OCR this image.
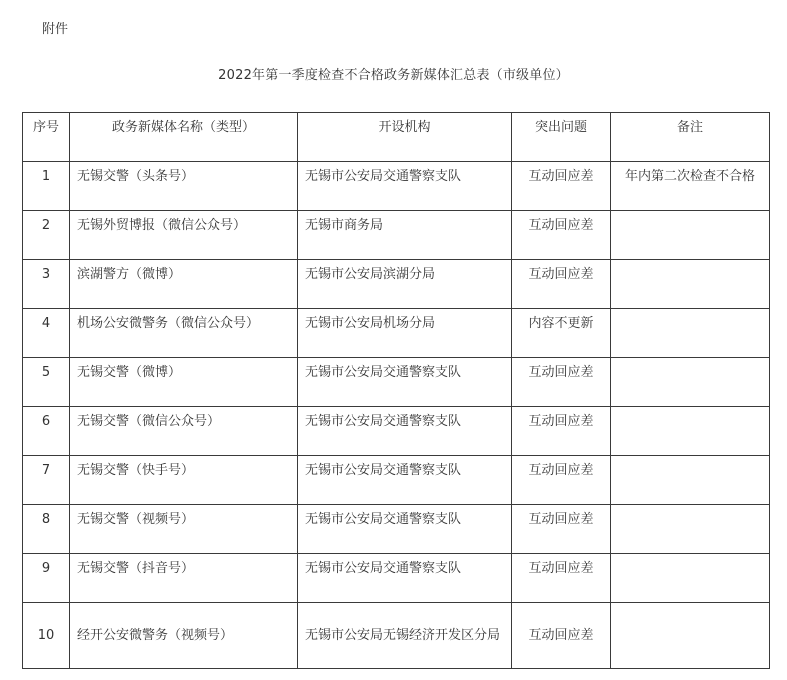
附件
2022年第一季度检查不合格政务新媒体汇总表（市级单位）
序号	政务新媒体名称（类型）	开设机构	突出问题	备注
1	无锡交警（头条号）	无锡市公安局交通警察支队	互动回应差	年内第二次检查不合格
2	无锡外贸博报（微信公众号）	无锡市商务局	互动回应差	
3	滨湖警方（微博）	无锡市公安局滨湖分局	互动回应差	
4	机场公安微警务（微信公众号）	无锡市公安局机场分局	内容不更新	
5	无锡交警（微博）	无锡市公安局交通警察支队	互动回应差	
6	无锡交警（微信公众号）	无锡市公安局交通警察支队	互动回应差	
7	无锡交警（快手号）	无锡市公安局交通警察支队	互动回应差	
8	无锡交警（视频号）	无锡市公安局交通警察支队	互动回应差	
9	无锡交警（抖音号）	无锡市公安局交通警察支队	互动回应差	
10	经开公安微警务（视频号）	无锡市公安局无锡经济开发区分局	互动回应差	
